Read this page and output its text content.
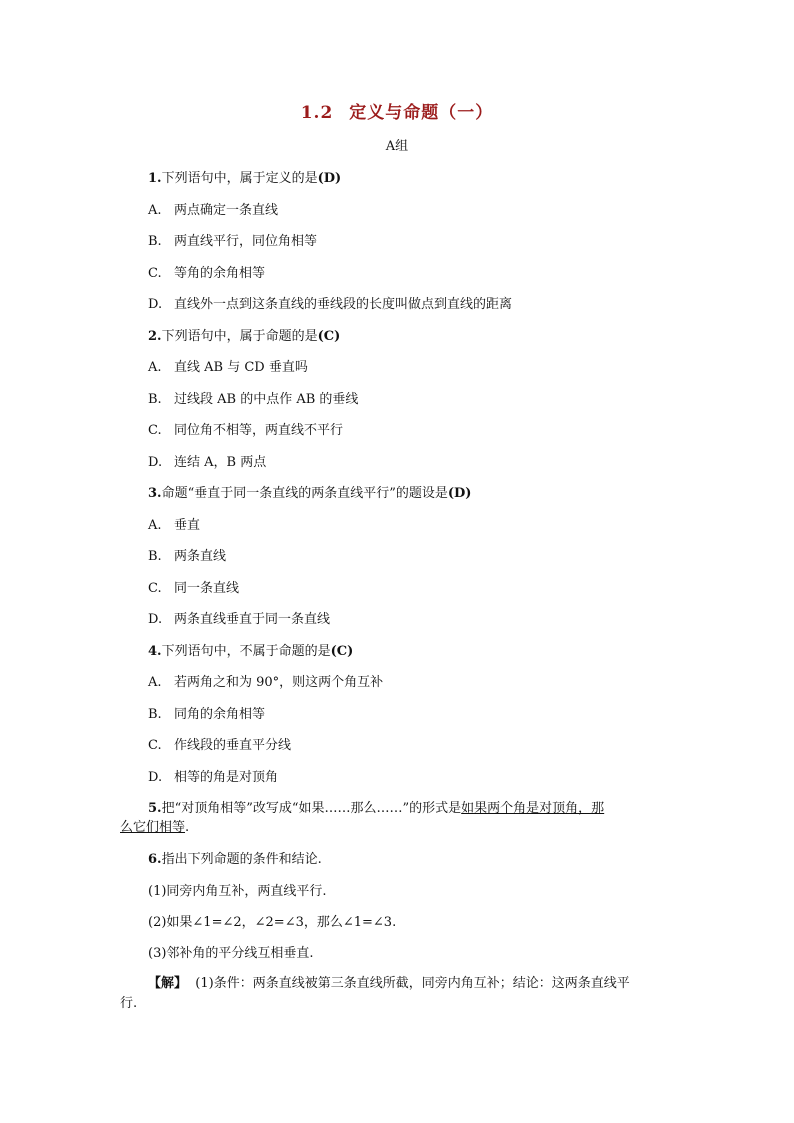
1.2 定义与命题（一）
A组
1.下列语句中，属于定义的是(D)
A. 两点确定一条直线
B. 两直线平行，同位角相等
C. 等角的余角相等
D. 直线外一点到这条直线的垂线段的长度叫做点到直线的距离
2.下列语句中，属于命题的是(C)
A. 直线 AB 与 CD 垂直吗
B. 过线段 AB 的中点作 AB 的垂线
C. 同位角不相等，两直线不平行
D. 连结 A，B 两点
3.命题“垂直于同一条直线的两条直线平行”的题设是(D)
A. 垂直
B. 两条直线
C. 同一条直线
D. 两条直线垂直于同一条直线
4.下列语句中，不属于命题的是(C)
A. 若两角之和为 90°，则这两个角互补
B. 同角的余角相等
C. 作线段的垂直平分线
D. 相等的角是对顶角
5.把“对顶角相等”改写成“如果……那么……”的形式是如果两个角是对顶角，那
么它们相等.
6.指出下列命题的条件和结论.
(1)同旁内角互补，两直线平行.
(2)如果∠1=∠2，∠2=∠3，那么∠1=∠3.
(3)邻补角的平分线互相垂直.
【解】 (1)条件：两条直线被第三条直线所截，同旁内角互补；结论：这两条直线平
行.
